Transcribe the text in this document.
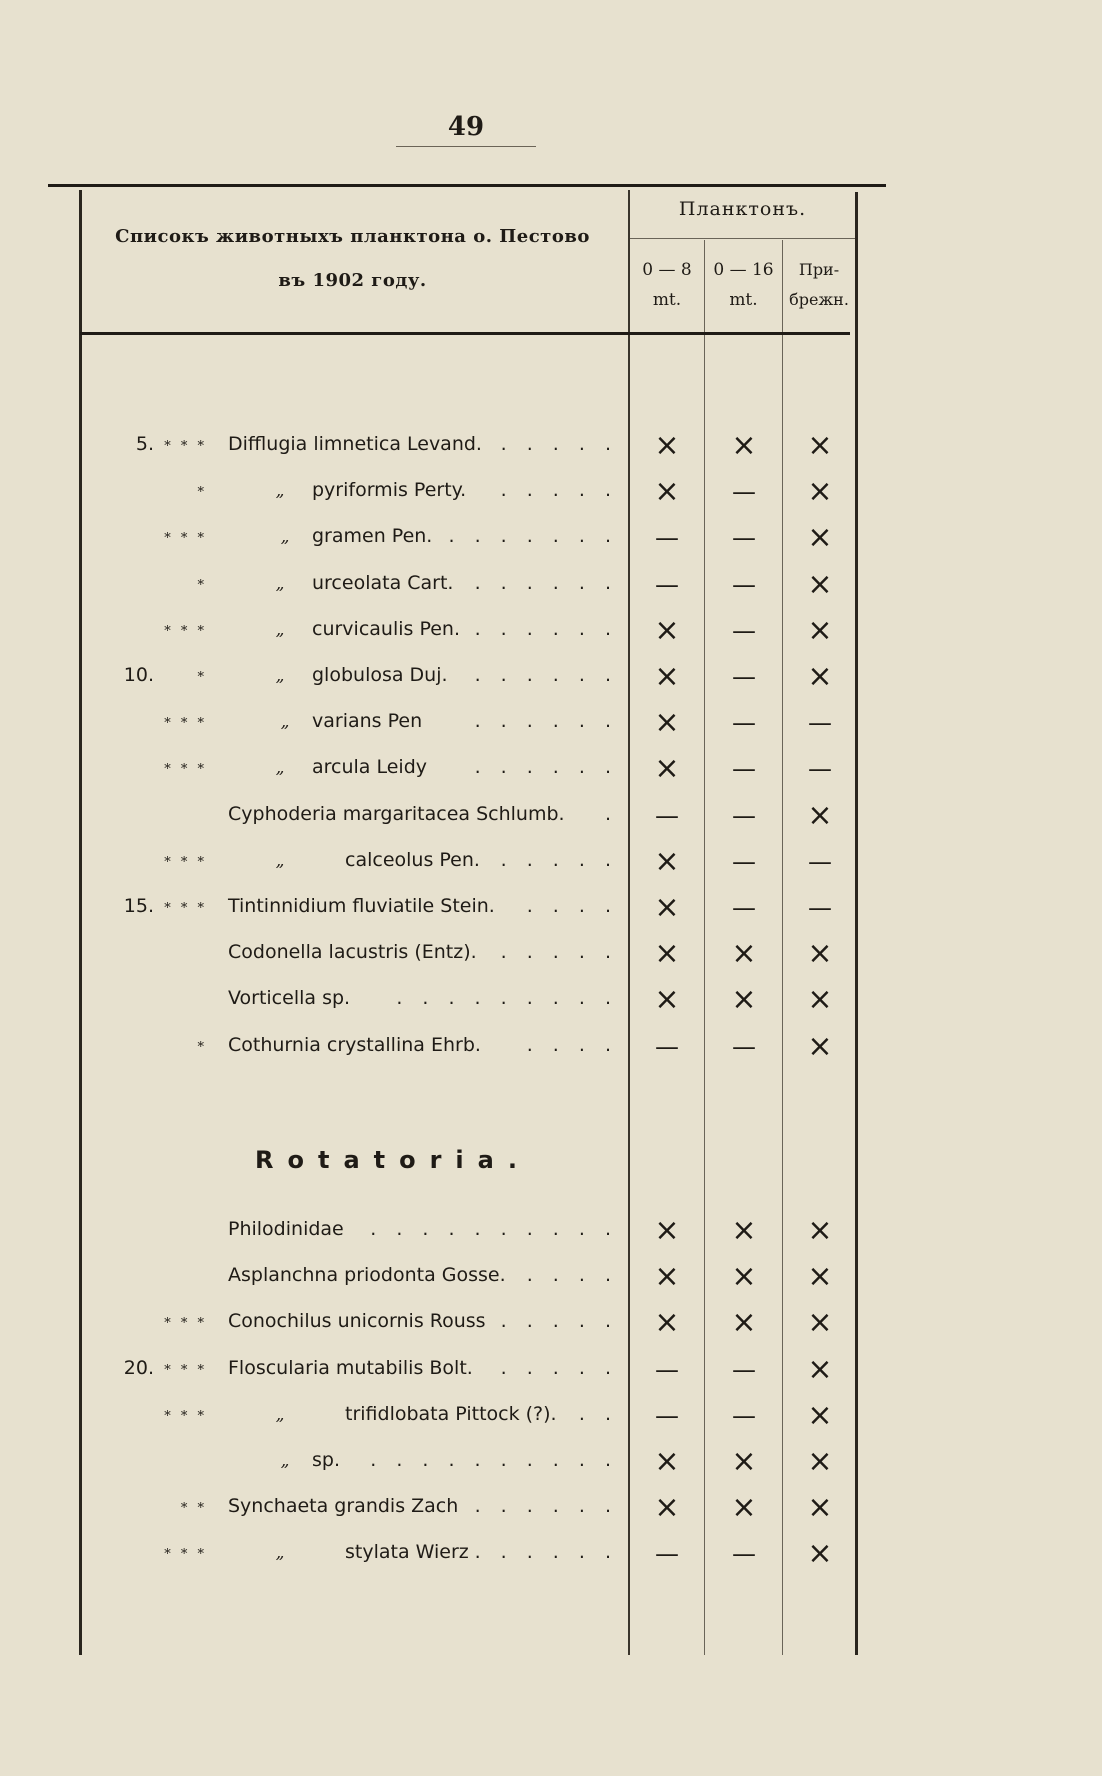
49
Списокъ животныхъ планктона о. Пестово
въ 1902 году.
Планктонъ.
0 — 8
mt.
0 — 16
mt.
При-
брежн.
5. * * * Difflugia limnetica Levand. . . . . .	×	×	×
*	„	pyriformis Perty. . . . . .	×	—	×
* * *	„	gramen Pen. . . . . . . .	—	—	×
*	„	urceolata Cart. . . . . . .	—	—	×
* * *	„	curvicaulis Pen. . . . . . .	×	—	×
10.	*	„	globulosa Duj. . . . . . .	×	—	×
* * *	„	varians Pen	. . . . . .	×	—	—
* * *	„	arcula Leidy	. . . . . .	×	—	—
Cyphoderia margaritacea Schlumb. .	—	—	×
* * *	„	calceolus Pen. . . . . .	×	—	—
15. * * * Tintinnidium fluviatile Stein. . . . .	×	—	—
Codonella lacustris (Entz). . . . . .	×	×	×
Vorticella sp. . . . . . . . . .	×	×	×
* Cothurnia crystallina Ehrb. . . . .	—	—	×
Philodinidae . . . . . . . . . .	×	×	×
Asplanchna priodonta Gosse. . . . .	×	×	×
* * * Conochilus unicornis Rouss . . . . .	×	×	×
20. * * * Floscularia mutabilis Bolt. . . . . .	—	—	×
* * *	„	trifidlobata Pittock (?). . .	—	—	×
„	sp. . . . . . . . . . .	×	×	×
* * Synchaeta grandis Zach . . . . . .	×	×	×
* * *	„	stylata Wierz . . . . . .	—	—	×
Rotatoria.
